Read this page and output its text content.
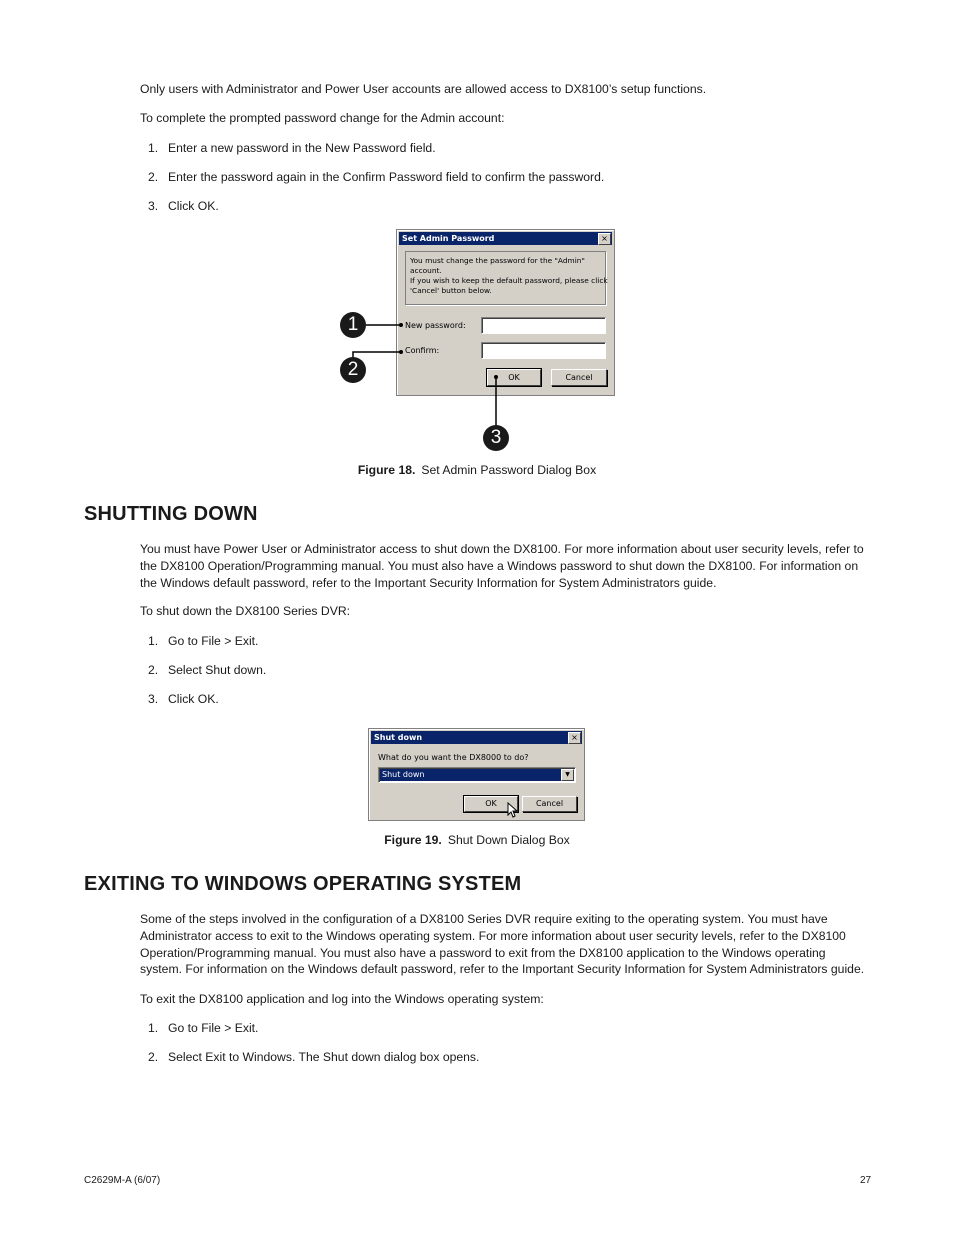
Only users with Administrator and Power User accounts are allowed access to DX8100’s setup functions.

To complete the prompted password change for the Admin account:

1. Enter a new password in the New Password field.
2. Enter the password again in the Confirm Password field to confirm the password.
3. Click OK.
Set Admin Password	×
You must change the password for the "Admin"
account.
If you wish to keep the default password, please click
'Cancel' button below.
New password:
Confirm:
OK	Cancel
1
2
3
Figure 18. Set Admin Password Dialog Box
SHUTTING DOWN

You must have Power User or Administrator access to shut down the DX8100. For more information about user security levels, refer to the DX8100 Operation/Programming manual. You must also have a Windows password to shut down the DX8100. For information on the Windows default password, refer to the Important Security Information for System Administrators guide.

To shut down the DX8100 Series DVR:

1. Go to File > Exit.
2. Select Shut down.
3. Click OK.
Shut down	×
What do you want the DX8000 to do?
Shut down	▼
OK	Cancel
Figure 19. Shut Down Dialog Box
EXITING TO WINDOWS OPERATING SYSTEM

Some of the steps involved in the configuration of a DX8100 Series DVR require exiting to the operating system. You must have Administrator access to exit to the Windows operating system. For more information about user security levels, refer to the DX8100 Operation/Programming manual. You must also have a password to exit from the DX8100 application to the Windows operating system. For information on the Windows default password, refer to the Important Security Information for System Administrators guide.

To exit the DX8100 application and log into the Windows operating system:

1. Go to File > Exit.
2. Select Exit to Windows. The Shut down dialog box opens.
C2629M-A (6/07)	27
